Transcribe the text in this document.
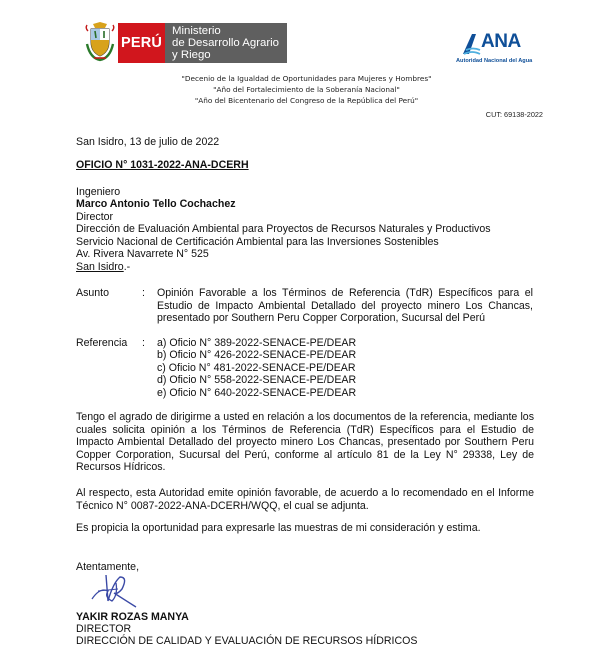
PERÚ
Ministerio
de Desarrollo Agrario
y Riego
ANA
Autoridad Nacional del Agua
"Decenio de la Igualdad de Oportunidades para Mujeres y Hombres"
"Año del Fortalecimiento de la Soberanía Nacional"
"Año del Bicentenario del Congreso de la República del Perú"
CUT: 69138-2022
San Isidro, 13 de julio de 2022
OFICIO N° 1031-2022-ANA-DCERH
Ingeniero
Marco Antonio Tello Cochachez
Director
Dirección de Evaluación Ambiental para Proyectos de Recursos Naturales y Productivos
Servicio Nacional de Certificación Ambiental para las Inversiones Sostenibles
Av. Rivera Navarrete N° 525
San Isidro.-
Asunto	: Opinión Favorable a los Términos de Referencia (TdR) Específicos para el Estudio de Impacto Ambiental Detallado del proyecto minero Los Chancas, presentado por Southern Peru Copper Corporation, Sucursal del Perú
Referencia : a) Oficio N° 389-2022-SENACE-PE/DEAR
b) Oficio N° 426-2022-SENACE-PE/DEAR
c) Oficio N° 481-2022-SENACE-PE/DEAR
d) Oficio N° 558-2022-SENACE-PE/DEAR
e) Oficio N° 640-2022-SENACE-PE/DEAR
Tengo el agrado de dirigirme a usted en relación a los documentos de la referencia, mediante los cuales solicita opinión a los Términos de Referencia (TdR) Específicos para el Estudio de Impacto Ambiental Detallado del proyecto minero Los Chancas, presentado por Southern Peru Copper Corporation, Sucursal del Perú, conforme al artículo 81 de la Ley N° 29338, Ley de Recursos Hídricos.
Al respecto, esta Autoridad emite opinión favorable, de acuerdo a lo recomendado en el Informe Técnico N° 0087-2022-ANA-DCERH/WQQ, el cual se adjunta.
Es propicia la oportunidad para expresarle las muestras de mi consideración y estima.
Atentamente,
YAKIR ROZAS MANYA
DIRECTOR
DIRECCIÓN DE CALIDAD Y EVALUACIÓN DE RECURSOS HÍDRICOS
